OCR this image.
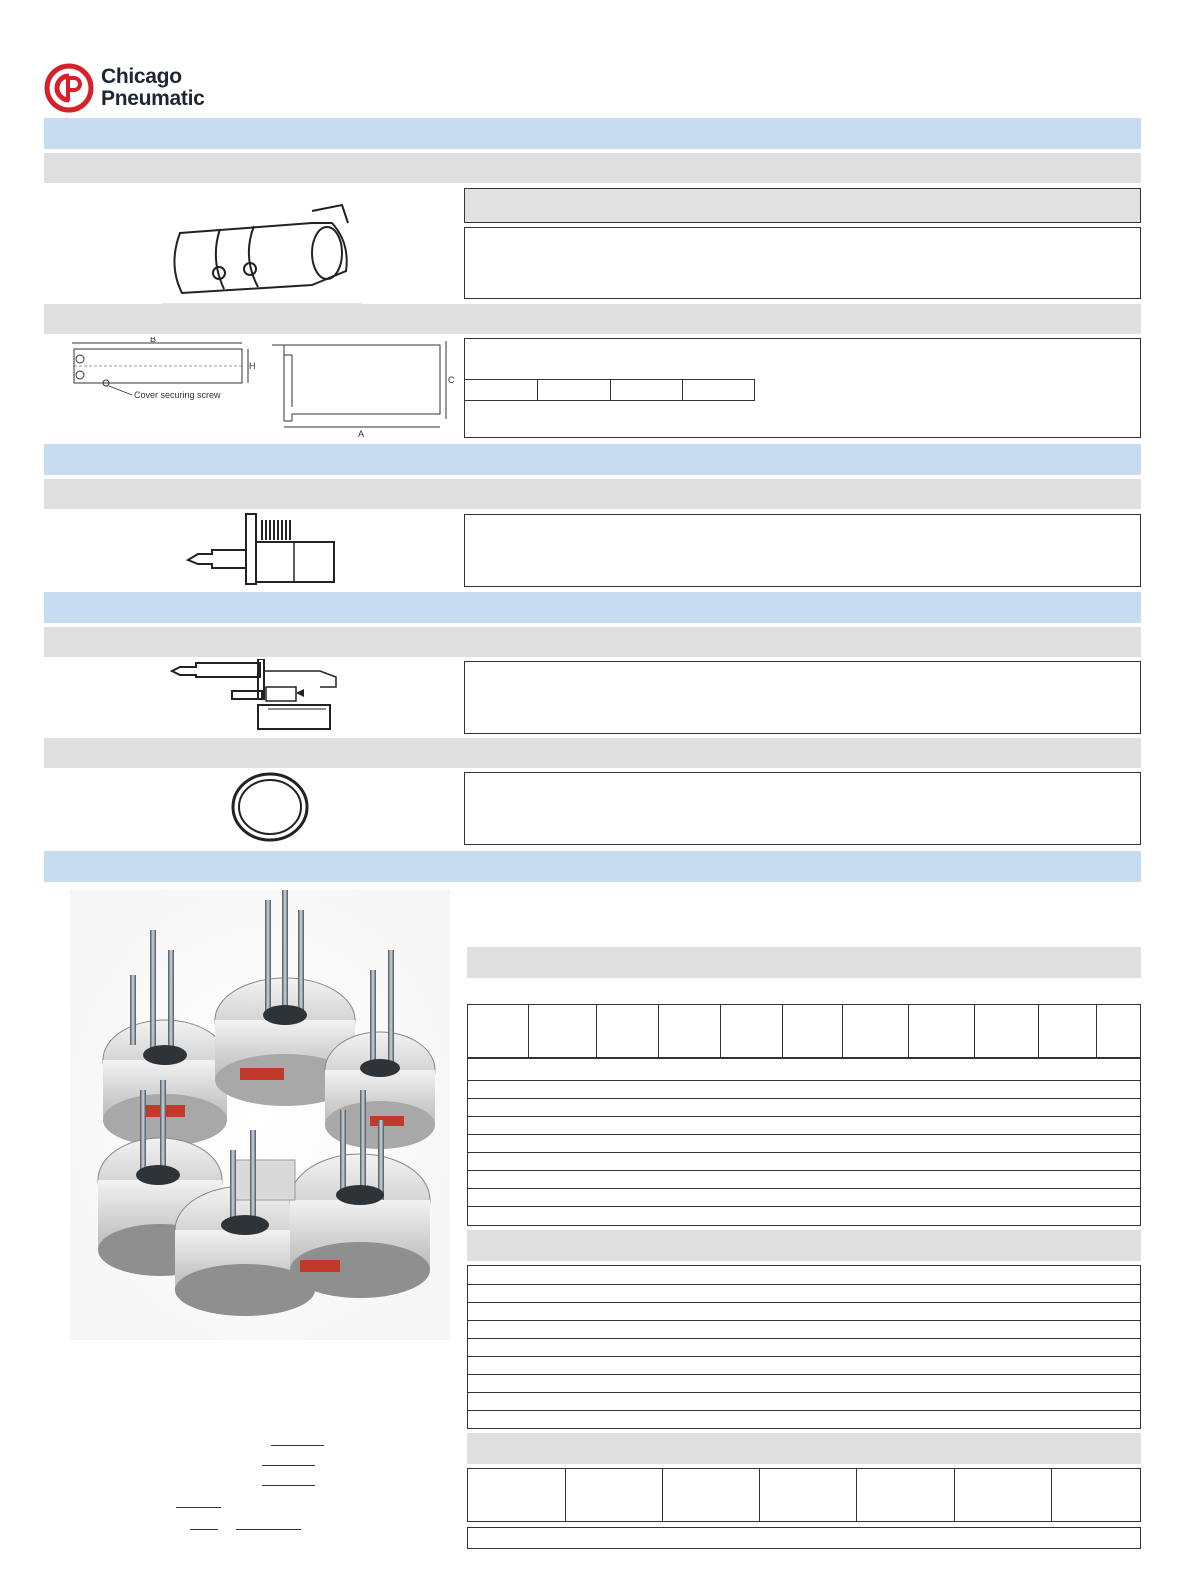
Chicago
Pneumatic
B
H
Cover securing screw
C
A
